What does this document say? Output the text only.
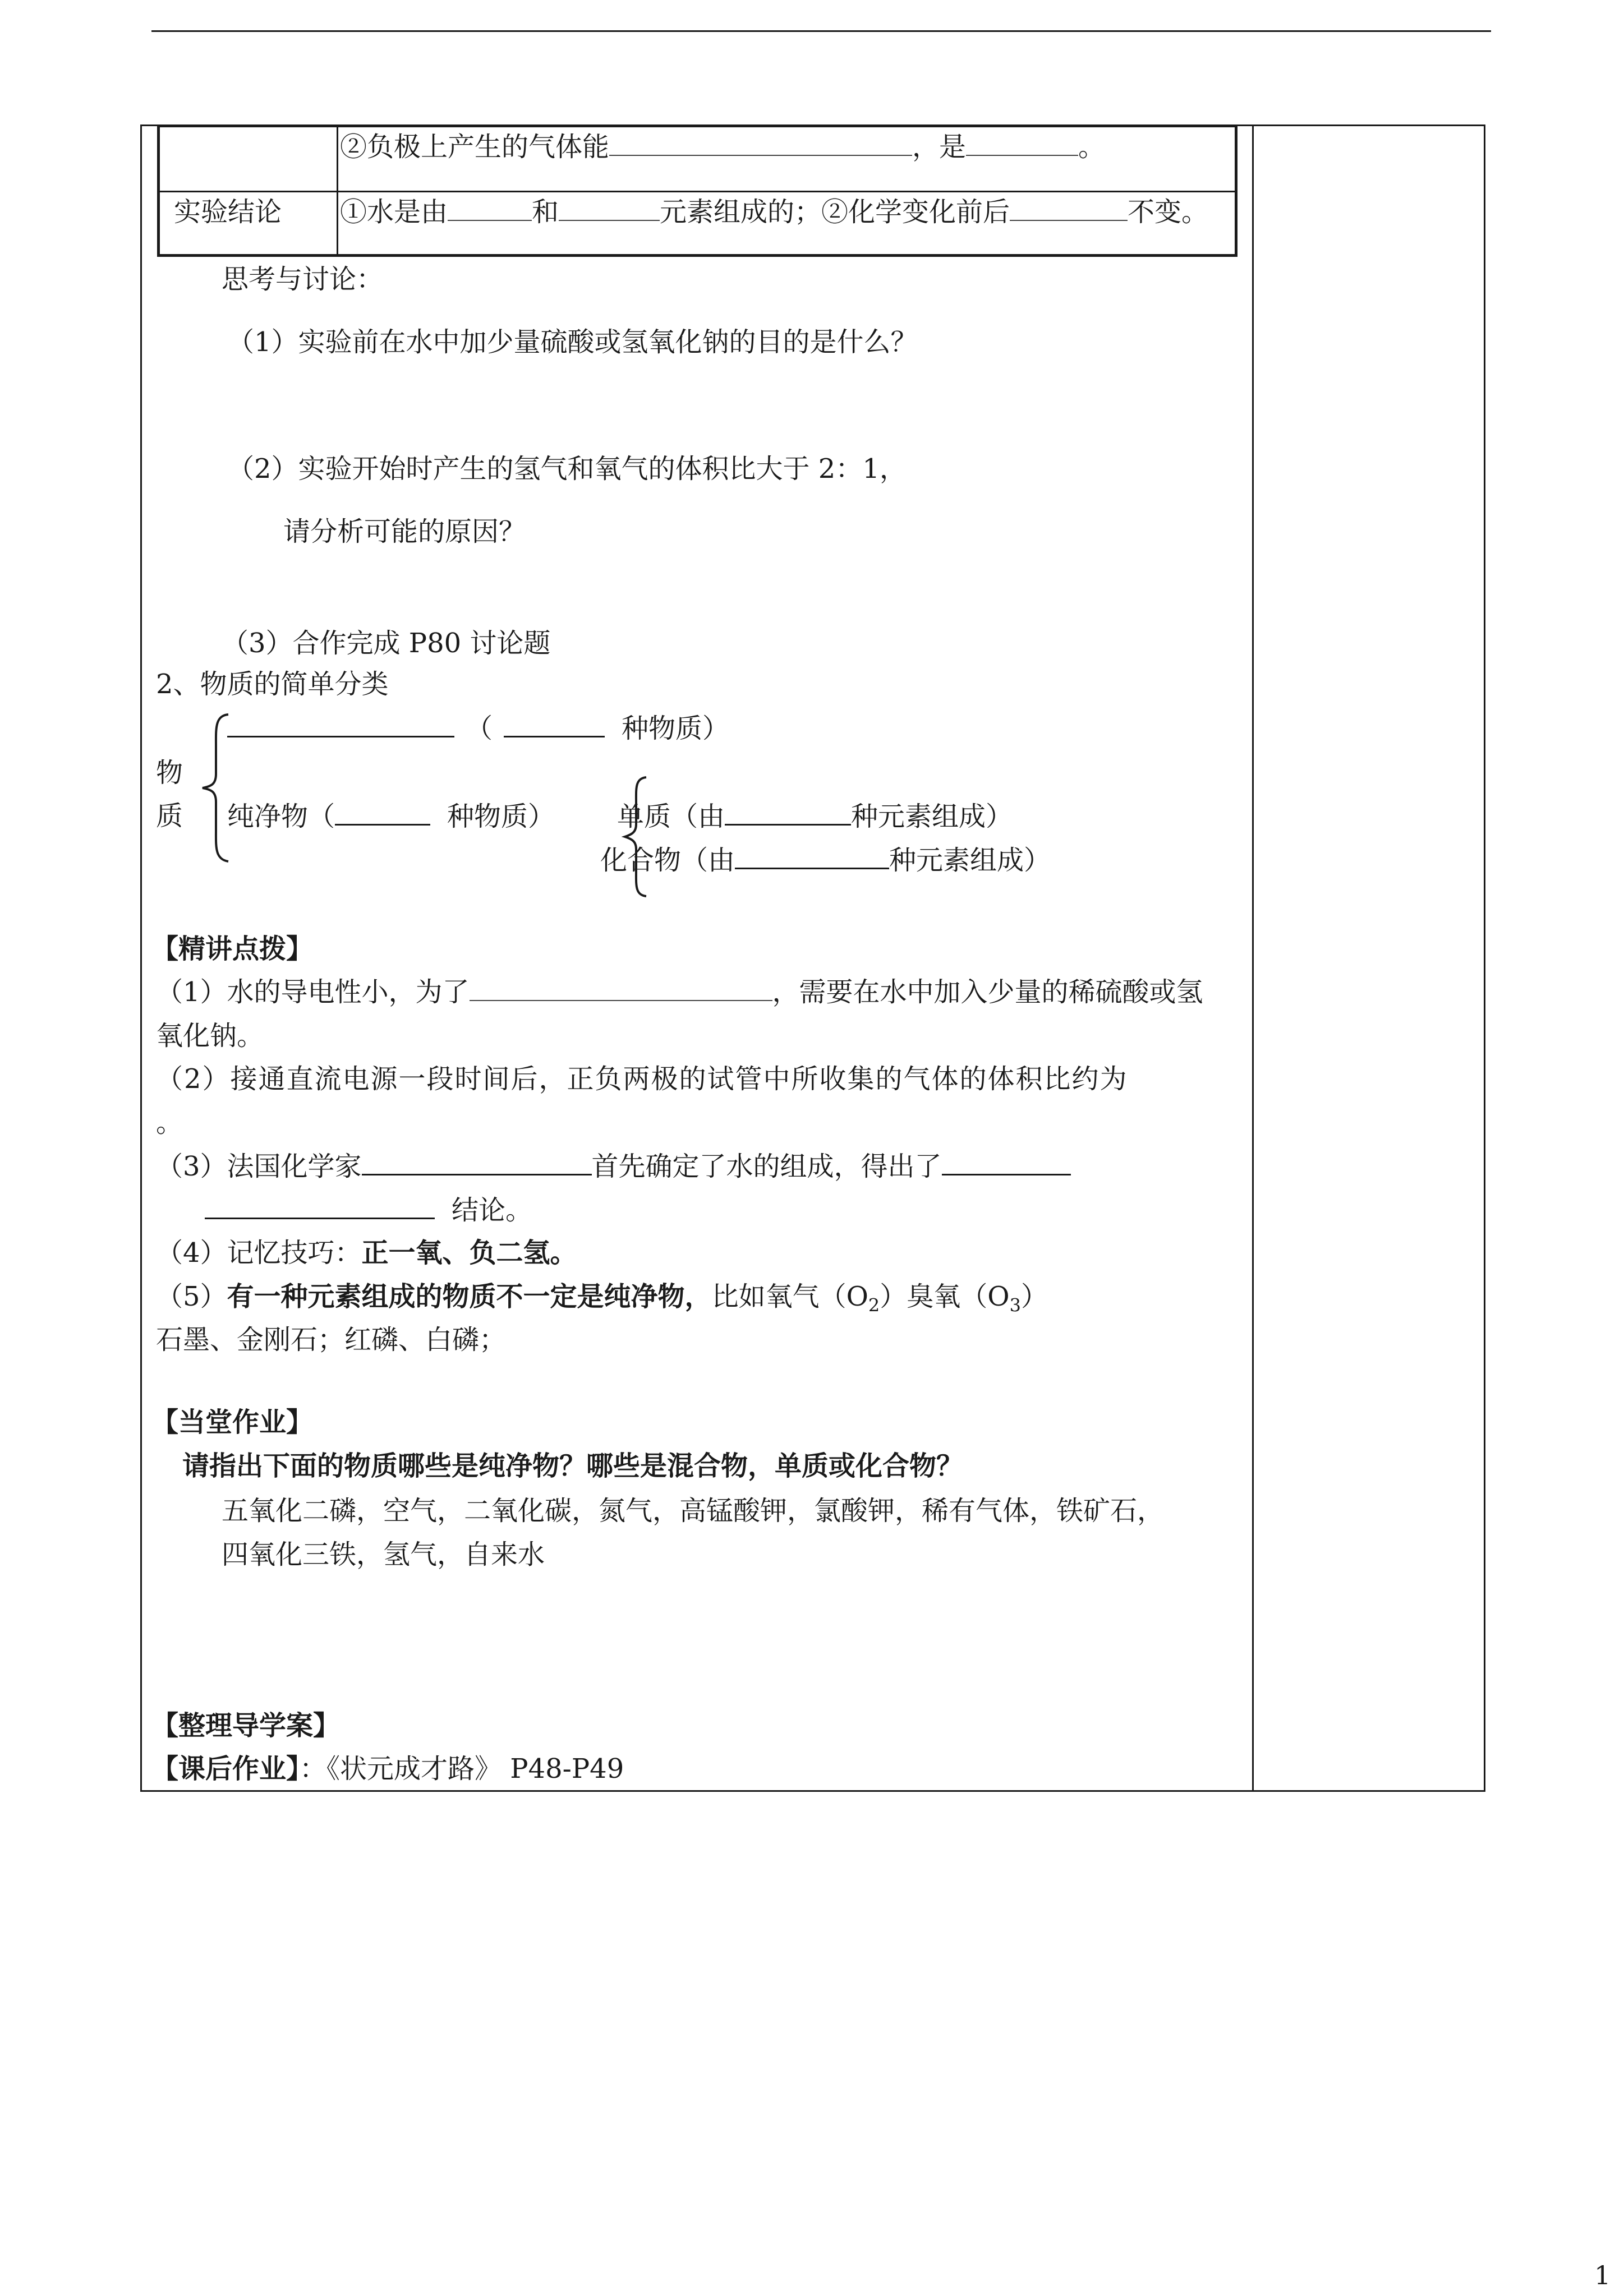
②负极上产生的气体能	，是	。
实验结论 ①水是由	和	元素组成的；②化学变化前后	不变。
思考与讨论：
（1）实验前在水中加少量硫酸或氢氧化钠的目的是什么？
（2）实验开始时产生的氢气和氧气的体积比大于 2：1，
请分析可能的原因？
（3）合作完成 P80 讨论题
2、物质的简单分类
（	种物质）
物
质 纯净物（	种物质） 单质（由	种元素组成）
化合物（由	种元素组成）
【精讲点拨】
（1）水的导电性小，为了	，需要在水中加入少量的稀硫酸或氢
氧化钠。
（2）接通直流电源一段时间后，正负两极的试管中所收集的气体的体积比约为
。
（3）法国化学家	首先确定了水的组成，得出了
结论。
（4）记忆技巧：正一氧、负二氢。
（5）有一种元素组成的物质不一定是纯净物，比如氧气$(O_2)$臭氧$(O_3)$
石墨、金刚石；红磷、白磷；
【当堂作业】
请指出下面的物质哪些是纯净物？哪些是混合物，单质或化合物？
五氧化二磷，空气，二氧化碳，氮气，高锰酸钾，氯酸钾，稀有气体，铁矿石，
四氧化三铁，氢气，自来水
【整理导学案】
【课后作业】：《状元成才路》 P48-P49
1
